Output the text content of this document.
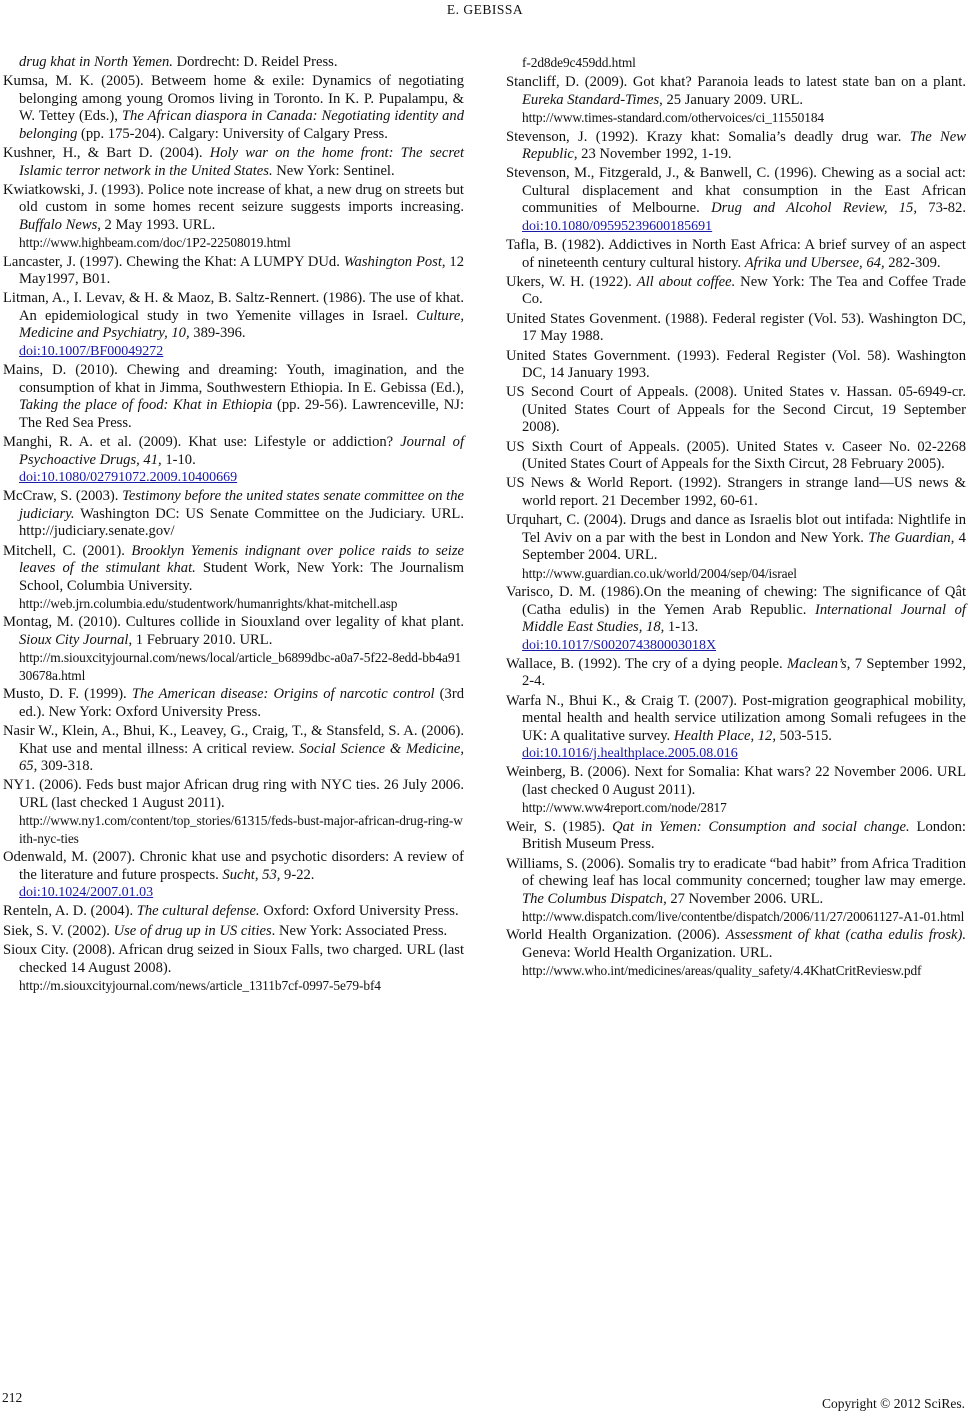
E. GEBISSA

drug khat in North Yemen. Dordrecht: D. Reidel Press.

Kumsa, M. K. (2005). Betweem home & exile: Dynamics of negotiating belonging among young Oromos living in Toronto. In K. P. Pupalampu, & W. Tettey (Eds.), The African diaspora in Canada: Negotiating identity and belonging (pp. 175-204). Calgary: University of Calgary Press.

Kushner, H., & Bart D. (2004). Holy war on the home front: The secret Islamic terror network in the United States. New York: Sentinel.

Kwiatkowski, J. (1993). Police note increase of khat, a new drug on streets but old custom in some homes recent seizure suggests imports increasing. Buffalo News, 2 May 1993. URL.
http://www.highbeam.com/doc/1P2-22508019.html

Lancaster, J. (1997). Chewing the Khat: A LUMPY DUd. Washington Post, 12 May1997, B01.

Litman, A., I. Levav, & H. & Maoz, B. Saltz-Rennert. (1986). The use of khat. An epidemiological study in two Yemenite villages in Israel. Culture, Medicine and Psychiatry, 10, 389-396.
doi:10.1007/BF00049272

Mains, D. (2010). Chewing and dreaming: Youth, imagination, and the consumption of khat in Jimma, Southwestern Ethiopia. In E. Gebissa (Ed.), Taking the place of food: Khat in Ethiopia (pp. 29-56). Lawrenceville, NJ: The Red Sea Press.

Manghi, R. A. et al. (2009). Khat use: Lifestyle or addiction? Journal of Psychoactive Drugs, 41, 1-10.
doi:10.1080/02791072.2009.10400669

McCraw, S. (2003). Testimony before the united states senate committee on the judiciary. Washington DC: US Senate Committee on the Judiciary. URL. http://judiciary.senate.gov/

Mitchell, C. (2001). Brooklyn Yemenis indignant over police raids to seize leaves of the stimulant khat. Student Work, New York: The Journalism School, Columbia University.
http://web.jrn.columbia.edu/studentwork/humanrights/khat-mitchell.asp

Montag, M. (2010). Cultures collide in Siouxland over legality of khat plant. Sioux City Journal, 1 February 2010. URL.
http://m.siouxcityjournal.com/news/local/article_b6899dbc-a0a7-5f22-8edd-bb4a9130678a.html

Musto, D. F. (1999). The American disease: Origins of narcotic control (3rd ed.). New York: Oxford University Press.

Nasir W., Klein, A., Bhui, K., Leavey, G., Craig, T., & Stansfeld, S. A. (2006). Khat use and mental illness: A critical review. Social Science & Medicine, 65, 309-318.

NY1. (2006). Feds bust major African drug ring with NYC ties. 26 July 2006. URL (last checked 1 August 2011).
http://www.ny1.com/content/top_stories/61315/feds-bust-major-african-drug-ring-with-nyc-ties

Odenwald, M. (2007). Chronic khat use and psychotic disorders: A review of the literature and future prospects. Sucht, 53, 9-22.
doi:10.1024/2007.01.03

Renteln, A. D. (2004). The cultural defense. Oxford: Oxford University Press.

Siek, S. V. (2002). Use of drug up in US cities. New York: Associated Press.

Sioux City. (2008). African drug seized in Sioux Falls, two charged. URL (last checked 14 August 2008).
http://m.siouxcityjournal.com/news/article_1311b7cf-0997-5e79-bf4

f-2d8de9c459dd.html

Stancliff, D. (2009). Got khat? Paranoia leads to latest state ban on a plant. Eureka Standard-Times, 25 January 2009. URL.
http://www.times-standard.com/othervoices/ci_11550184

Stevenson, J. (1992). Krazy khat: Somalia’s deadly drug war. The New Republic, 23 November 1992, 1-19.

Stevenson, M., Fitzgerald, J., & Banwell, C. (1996). Chewing as a social act: Cultural displacement and khat consumption in the East African communities of Melbourne. Drug and Alcohol Review, 15, 73-82. doi:10.1080/09595239600185691

Tafla, B. (1982). Addictives in North East Africa: A brief survey of an aspect of nineteenth century cultural history. Afrika und Ubersee, 64, 282-309.

Ukers, W. H. (1922). All about coffee. New York: The Tea and Coffee Trade Co.

United States Govenment. (1988). Federal register (Vol. 53). Washington DC, 17 May 1988.

United States Government. (1993). Federal Register (Vol. 58). Washington DC, 14 January 1993.

US Second Court of Appeals. (2008). United States v. Hassan. 05-6949-cr. (United States Court of Appeals for the Second Circut, 19 September 2008).

US Sixth Court of Appeals. (2005). United States v. Caseer No. 02-2268 (United States Court of Appeals for the Sixth Circut, 28 February 2005).

US News & World Report. (1992). Strangers in strange land—US news & world report. 21 December 1992, 60-61.

Urquhart, C. (2004). Drugs and dance as Israelis blot out intifada: Nightlife in Tel Aviv on a par with the best in London and New York. The Guardian, 4 September 2004. URL.
http://www.guardian.co.uk/world/2004/sep/04/israel

Varisco, D. M. (1986).On the meaning of chewing: The significance of Qât (Catha edulis) in the Yemen Arab Republic. International Journal of Middle East Studies, 18, 1-13.
doi:10.1017/S002074380003018X

Wallace, B. (1992). The cry of a dying people. Maclean’s, 7 September 1992, 2-4.

Warfa N., Bhui K., & Craig T. (2007). Post-migration geographical mobility, mental health and health service utilization among Somali refugees in the UK: A qualitative survey. Health Place, 12, 503-515.
doi:10.1016/j.healthplace.2005.08.016

Weinberg, B. (2006). Next for Somalia: Khat wars? 22 November 2006. URL (last checked 0 August 2011).
http://www.ww4report.com/node/2817

Weir, S. (1985). Qat in Yemen: Consumption and social change. London: British Museum Press.

Williams, S. (2006). Somalis try to eradicate “bad habit” from Africa Tradition of chewing leaf has local community concerned; tougher law may emerge. The Columbus Dispatch, 27 November 2006. URL.
http://www.dispatch.com/live/contentbe/dispatch/2006/11/27/20061127-A1-01.html

World Health Organization. (2006). Assessment of khat (catha edulis frosk). Geneva: World Health Organization. URL.
http://www.who.int/medicines/areas/quality_safety/4.4KhatCritReviesw.pdf

212	Copyright © 2012 SciRes.
